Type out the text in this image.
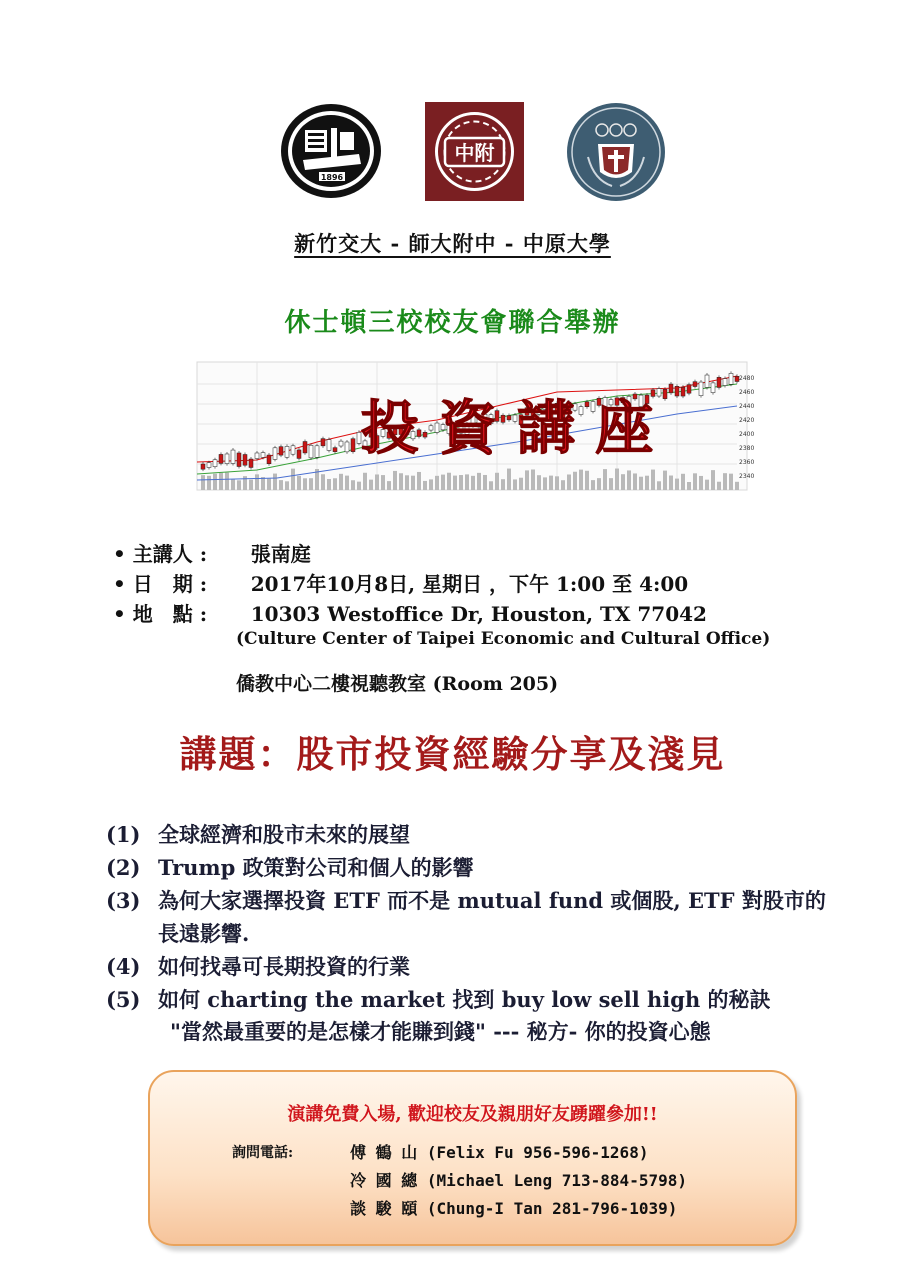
1896
中附
新竹交大 - 師大附中 - 中原大學
休士頓三校校友會聯合舉辦
2480
2460
2440
2420
2400
2380
2360
2340
投 資 講 座
• 主講人 : 張南庭
• 日　期 : 2017年10月8日, 星期日 ，下午 1:00 至 4:00
• 地　點 : 10303 Westoffice Dr, Houston, TX 77042
(Culture Center of Taipei Economic and Cultural Office)
僑教中心二樓視聽教室 (Room 205)
講題：股市投資經驗分享及淺見
(1) 全球經濟和股市未來的展望
(2) Trump 政策對公司和個人的影響
(3) 為何大家選擇投資 ETF 而不是 mutual fund 或個股, ETF 對股市的
長遠影響.
(4) 如何找尋可長期投資的行業
(5) 如何 charting the market 找到 buy low sell high 的秘訣
"當然最重要的是怎樣才能賺到錢" --- 秘方- 你的投資心態
演講免費入場, 歡迎校友及親朋好友踴躍參加!!
詢問電話:	傅 鶴 山 (Felix Fu 956-596-1268)
冷 國 總 (Michael Leng 713-884-5798)
談 駿 頤 (Chung-I Tan 281-796-1039)
